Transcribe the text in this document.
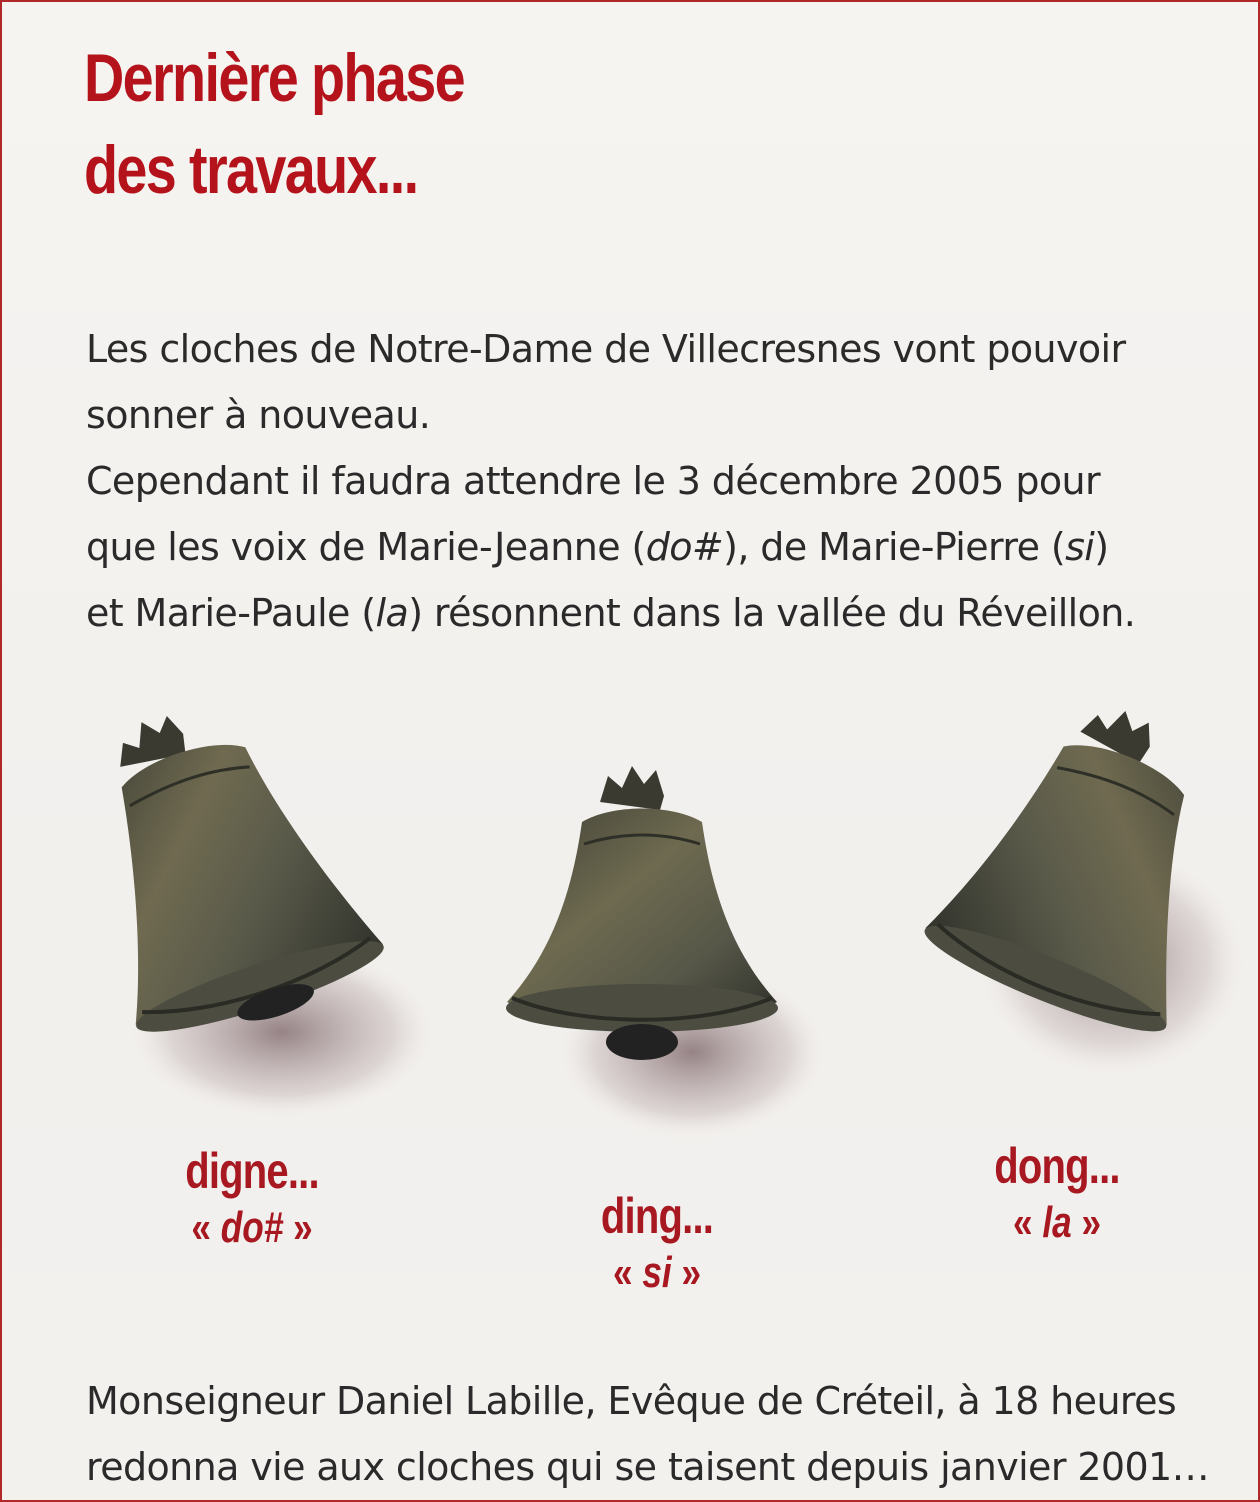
Dernière phase
des travaux...

Les cloches de Notre-Dame de Villecresnes vont pouvoir
sonner à nouveau.
Cependant il faudra attendre le 3 décembre 2005 pour
que les voix de Marie-Jeanne (do#), de Marie-Pierre (si)
et Marie-Paule (la) résonnent dans la vallée du Réveillon.

digne...
« do# »	ding...
« si »
dong...
« la »

Monseigneur Daniel Labille, Evêque de Créteil, à 18 heures
redonna vie aux cloches qui se taisent depuis janvier 2001…
